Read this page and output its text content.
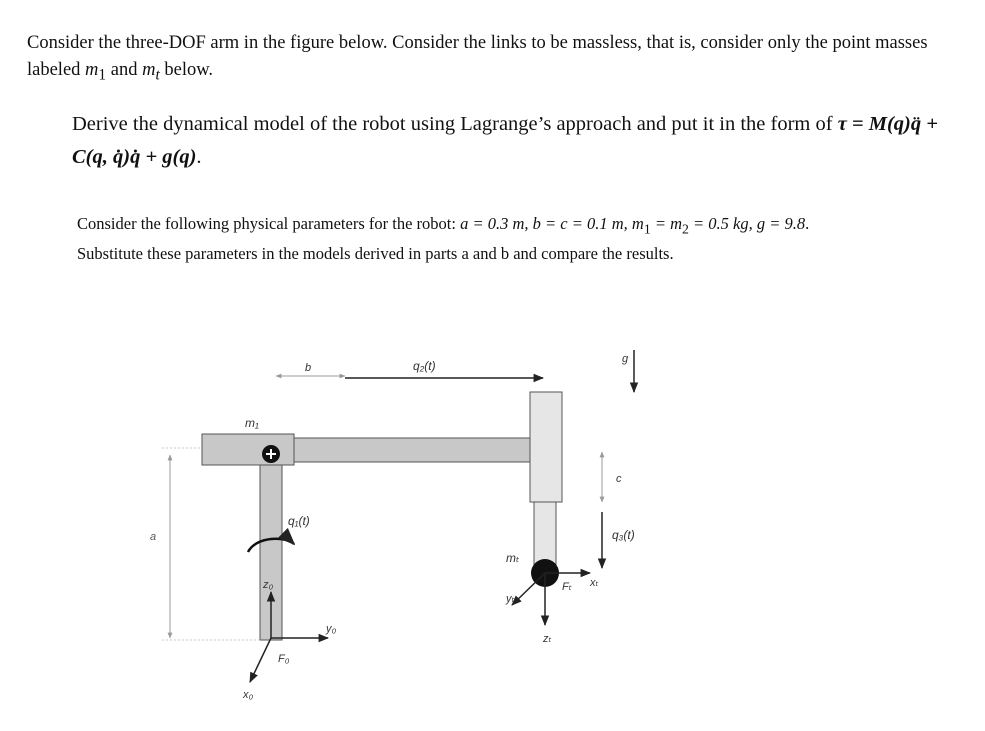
Consider the three-DOF arm in the figure below. Consider the links to be massless, that is, consider only the point masses labeled $m_1$ and $m_t$ below.

Derive the dynamical model of the robot using Lagrange’s approach and put it in the form of τ = M(q)q̈ + C(q, q̇)q̇ + g(q).

Consider the following physical parameters for the robot: a = 0.3 m, b = c = 0.1 m, $m_1 = m_2 = 0.5$ kg, g = 9.8. Substitute these parameters in the models derived in parts a and b and compare the results.

b	q₂(t)	g
m₁
a
c
q₁(t)
q₃(t)
mₜ
z₀
y₀
F₀
x₀
yₜ
Fₜ xₜ
zₜ
